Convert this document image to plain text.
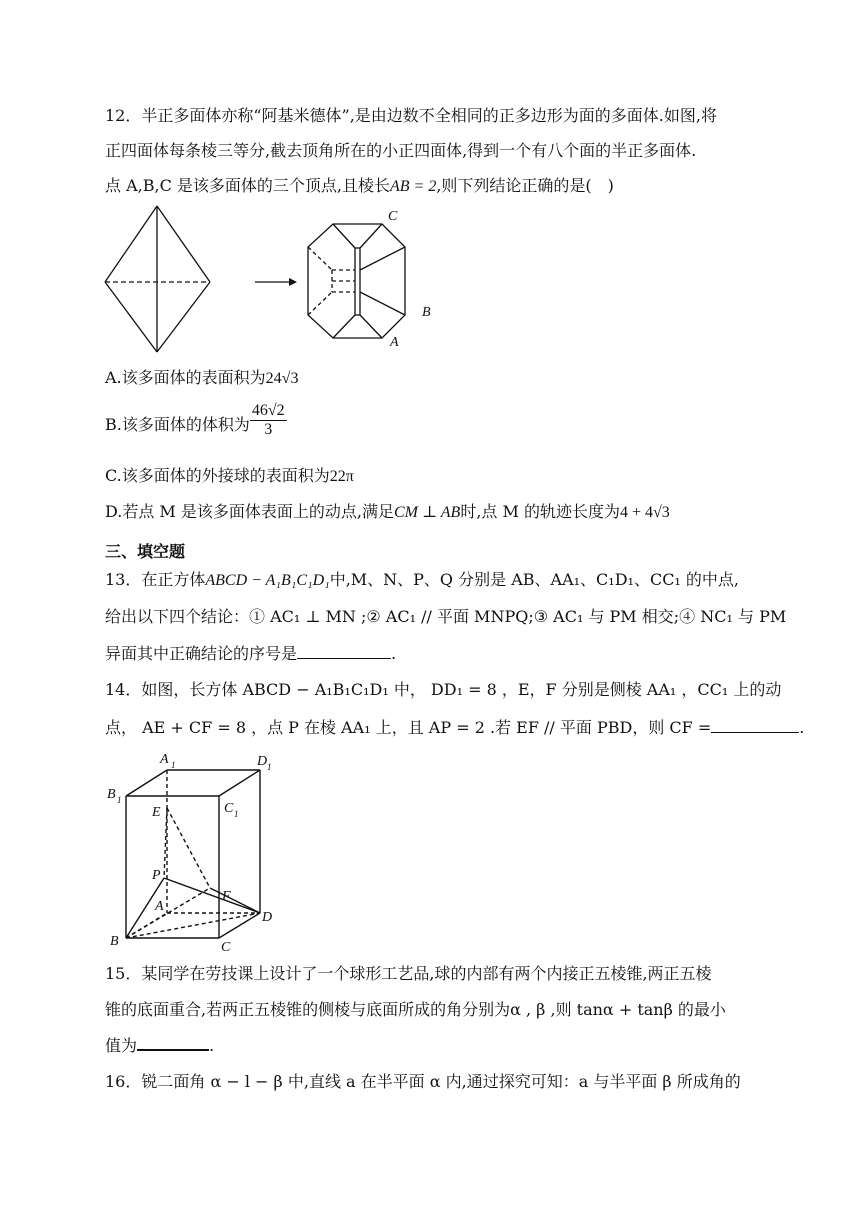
12．半正多面体亦称“阿基米德体”,是由边数不全相同的正多边形为面的多面体.如图,将
正四面体每条棱三等分,截去顶角所在的小正四面体,得到一个有八个面的半正多面体.
点 A,B,C 是该多面体的三个顶点,且棱长AB = 2,则下列结论正确的是(　)
C
B
A
A.该多面体的表面积为24√3
B.该多面体的体积为 $\frac{46√2}{3}$
C.该多面体的外接球的表面积为22π
D.若点 M 是该多面体表面上的动点,满足CM ⊥ AB时,点 M 的轨迹长度为4 + 4√3
三、填空题
13．在正方体ABCD − A₁B₁C₁D₁中,M、N、P、Q 分别是 AB、AA₁、C₁D₁、CC₁ 的中点,
给出以下四个结论：① AC₁ ⊥ MN ;② AC₁ // 平面 MNPQ;③ AC₁ 与 PM 相交;④ NC₁ 与 PM
异面其中正确结论的序号是	.
14．如图，长方体 ABCD − A₁B₁C₁D₁ 中， DD₁ = 8 ，E，F 分别是侧棱 AA₁ ，CC₁ 上的动
点， AE + CF = 8 ，点 P 在棱 AA₁ 上，且 AP = 2 .若 EF // 平面 PBD，则 CF =	.
A 1	D 1
B 1
C 1
E
P
F
A
B	C
D
15．某同学在劳技课上设计了一个球形工艺品,球的内部有两个内接正五棱锥,两正五棱
锥的底面重合,若两正五棱锥的侧棱与底面所成的角分别为α , β ,则 tanα + tanβ 的最小
值为	.
16．锐二面角 α − l − β 中,直线 a 在半平面 α 内,通过探究可知：a 与半平面 β 所成角的
